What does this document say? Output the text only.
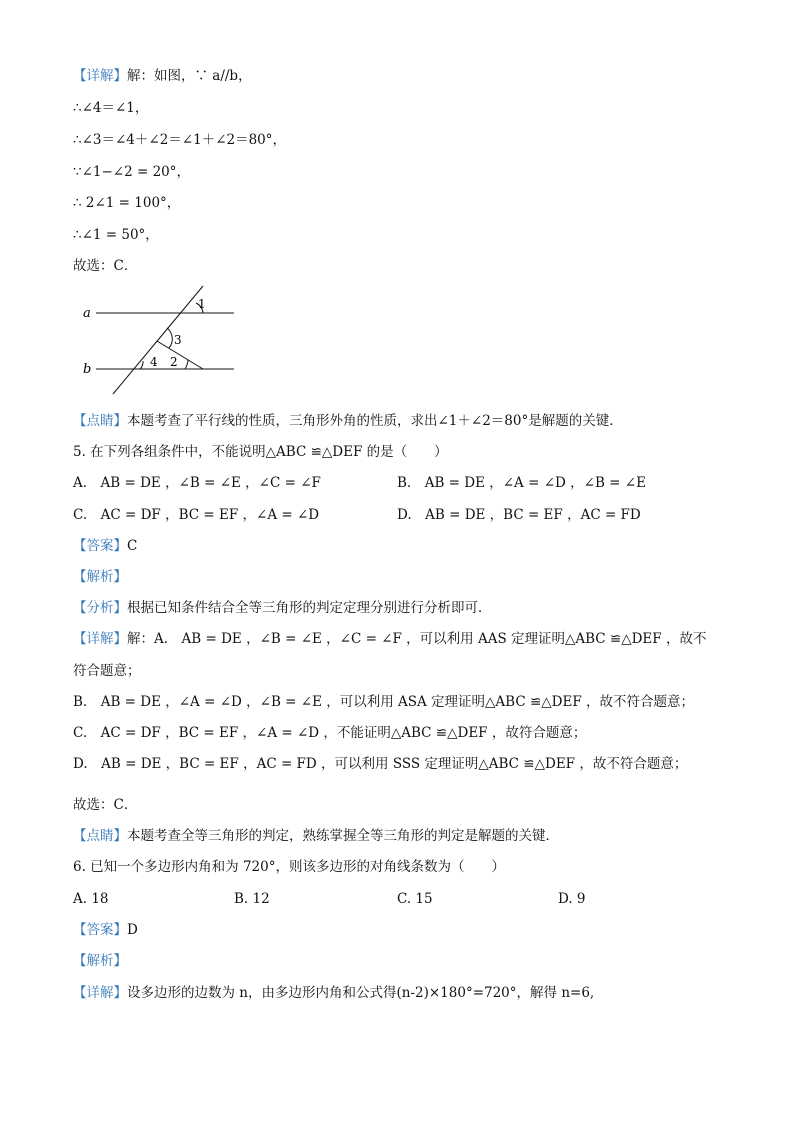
【详解】解：如图，∵ a//b，
∴∠4＝∠1，
∴∠3＝∠4＋∠2＝∠1＋∠2＝80°，
∵∠1−∠2 = 20°，
∴ 2∠1 = 100°，
∴∠1 = 50°，
故选：C．
a
b
1
3
4 2
【点睛】本题考查了平行线的性质，三角形外角的性质，求出∠1＋∠2＝80°是解题的关键．
5. 在下列各组条件中，不能说明△ABC ≌△DEF 的是（　　）
A.　AB = DE ，∠B = ∠E ，∠C = ∠F	B.　AB = DE ，∠A = ∠D ，∠B = ∠E
C.　AC = DF ，BC = EF ，∠A = ∠D	D.　AB = DE ，BC = EF ，AC = FD
【答案】C
【解析】
【分析】根据已知条件结合全等三角形的判定定理分别进行分析即可．
【详解】解：A.　AB = DE ，∠B = ∠E ，∠C = ∠F ，可以利用 AAS 定理证明△ABC ≌△DEF ，故不
符合题意；
B.　AB = DE ，∠A = ∠D ，∠B = ∠E ，可以利用 ASA 定理证明△ABC ≌△DEF ，故不符合题意；
C.　AC = DF ，BC = EF ，∠A = ∠D ，不能证明△ABC ≌△DEF ，故符合题意；
D.　AB = DE ，BC = EF ，AC = FD ，可以利用 SSS 定理证明△ABC ≌△DEF ，故不符合题意；
故选：C．
【点睛】本题考查全等三角形的判定，熟练掌握全等三角形的判定是解题的关键．
6. 已知一个多边形内角和为 720°，则该多边形的对角线条数为（　　）
A. 18	B. 12	C. 15	D. 9
【答案】D
【解析】
【详解】设多边形的边数为 n，由多边形内角和公式得(n-2)×180°=720°，解得 n=6,
